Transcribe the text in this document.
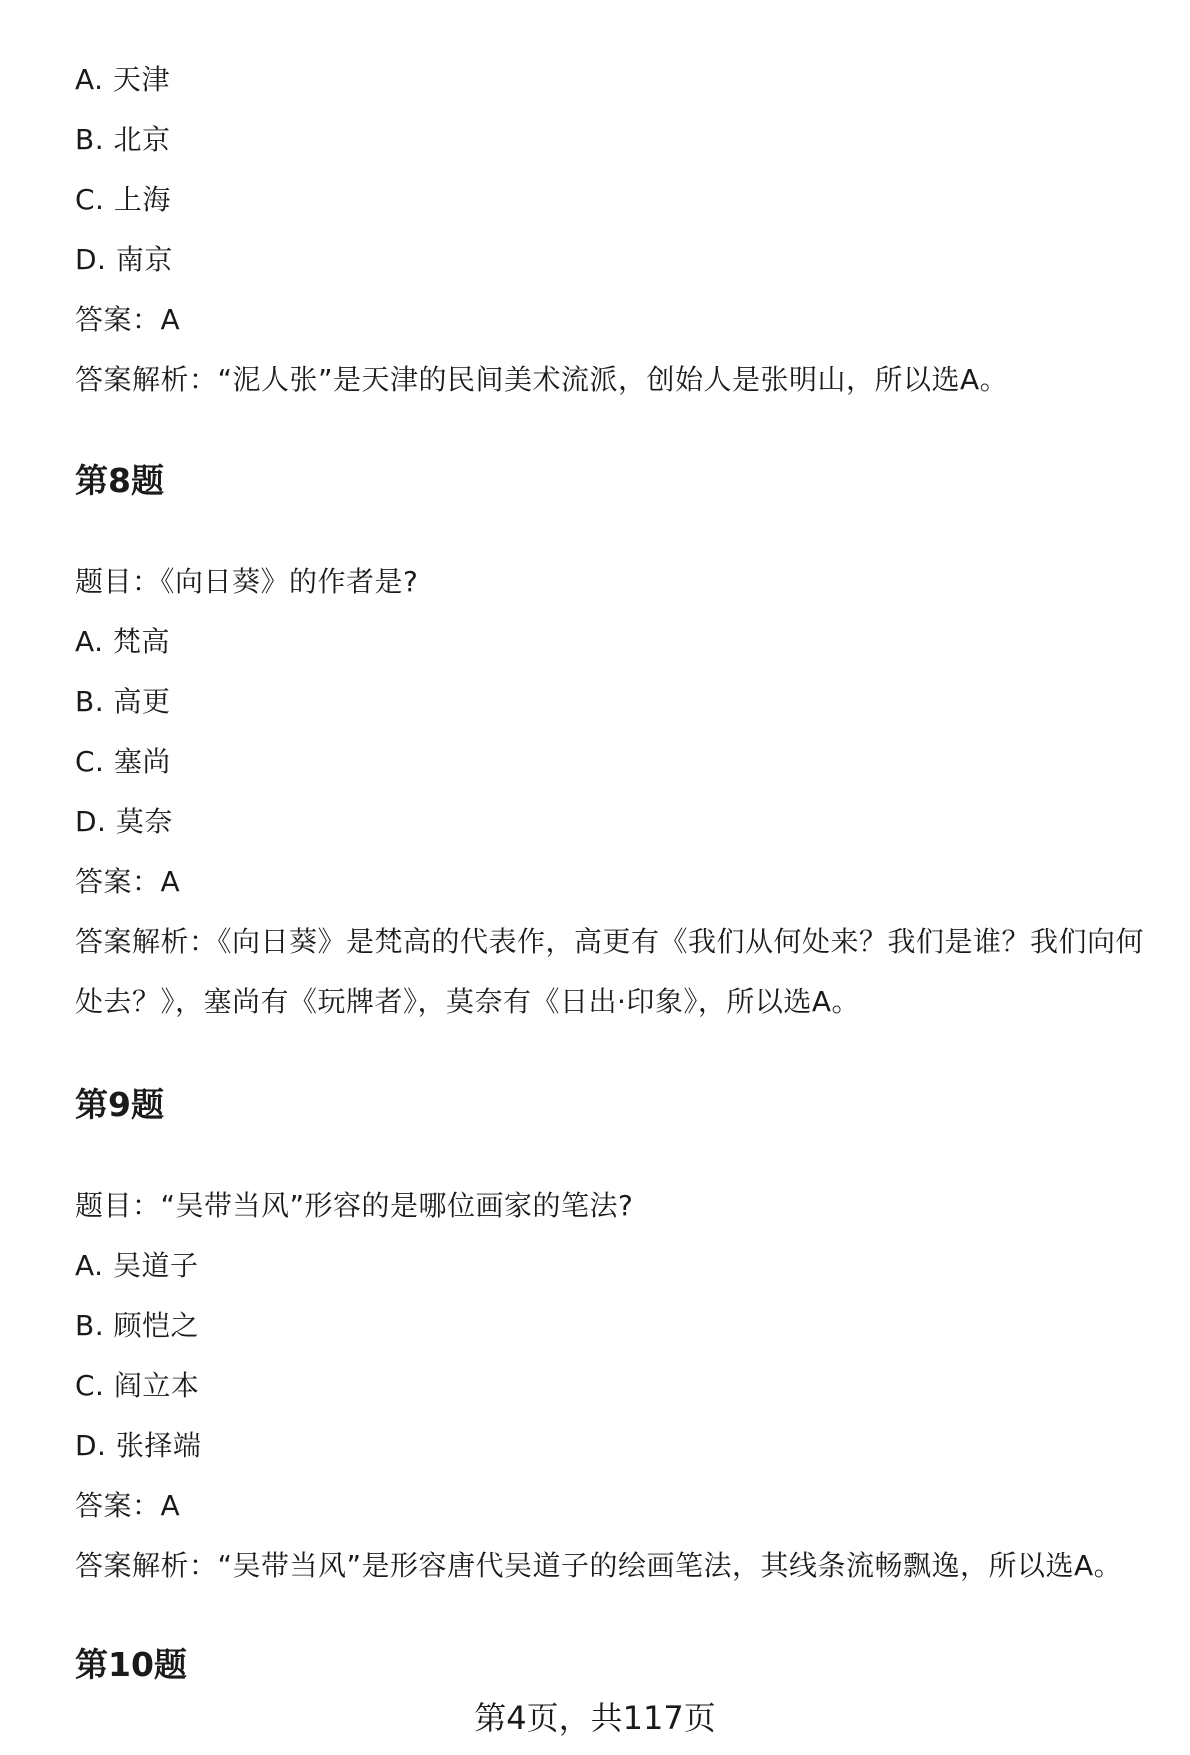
A. 天津
B. 北京
C. 上海
D. 南京
答案：A
答案解析：“泥人张”是天津的民间美术流派，创始人是张明山，所以选A。
第8题
题目：《向日葵》的作者是?
A. 梵高
B. 高更
C. 塞尚
D. 莫奈
答案：A
答案解析：《向日葵》是梵高的代表作，高更有《我们从何处来？我们是谁？我们向何处去？》，塞尚有《玩牌者》，莫奈有《日出·印象》，所以选A。
第9题
题目：“吴带当风”形容的是哪位画家的笔法?
A. 吴道子
B. 顾恺之
C. 阎立本
D. 张择端
答案：A
答案解析：“吴带当风”是形容唐代吴道子的绘画笔法，其线条流畅飘逸，所以选A。
第10题
第4页，共117页
